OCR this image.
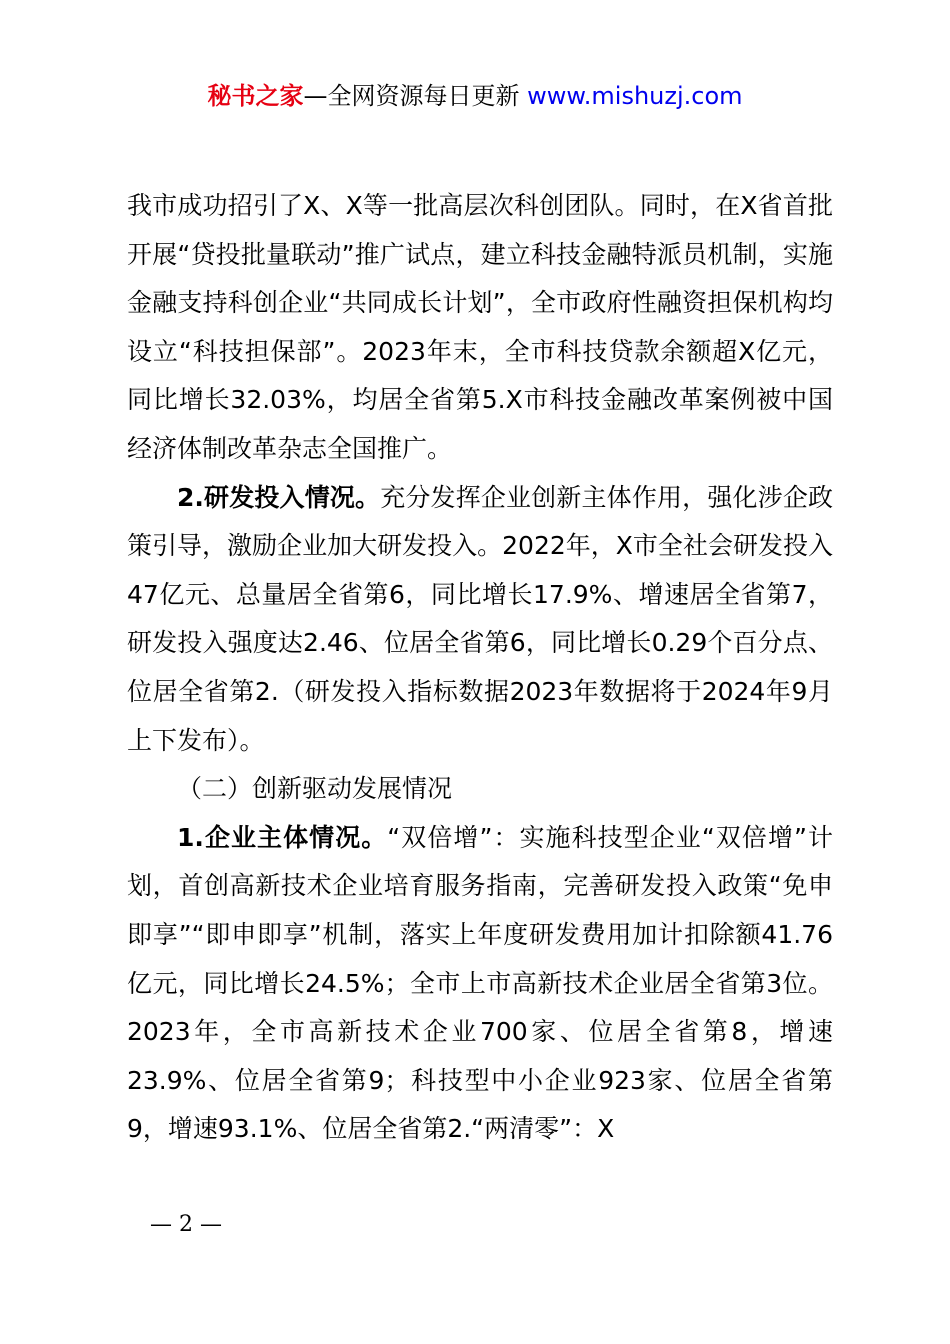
秘书之家—全网资源每日更新 www.mishuzj.com

我市成功招引了X、X等一批高层次科创团队。同时，在X省首批开展“贷投批量联动”推广试点，建立科技金融特派员机制，实施金融支持科创企业“共同成长计划”，全市政府性融资担保机构均设立“科技担保部”。2023年末，全市科技贷款余额超X亿元，同比增长32.03%，均居全省第5.X市科技金融改革案例被中国经济体制改革杂志全国推广。

2.研发投入情况。充分发挥企业创新主体作用，强化涉企政策引导，激励企业加大研发投入。2022年，X市全社会研发投入47亿元、总量居全省第6，同比增长17.9%、增速居全省第7，研发投入强度达2.46、位居全省第6，同比增长0.29个百分点、位居全省第2.（研发投入指标数据2023年数据将于2024年9月上下发布）。

（二）创新驱动发展情况

1.企业主体情况。“双倍增”：实施科技型企业“双倍增”计划，首创高新技术企业培育服务指南，完善研发投入政策“免申即享”“即申即享”机制，落实上年度研发费用加计扣除额41.76亿元，同比增长24.5%；全市上市高新技术企业居全省第3位。2023年，全市高新技术企业700家、位居全省第8，增速23.9%、位居全省第9；科技型中小企业923家、位居全省第9，增速93.1%、位居全省第2.“两清零”：X

— 2 —
